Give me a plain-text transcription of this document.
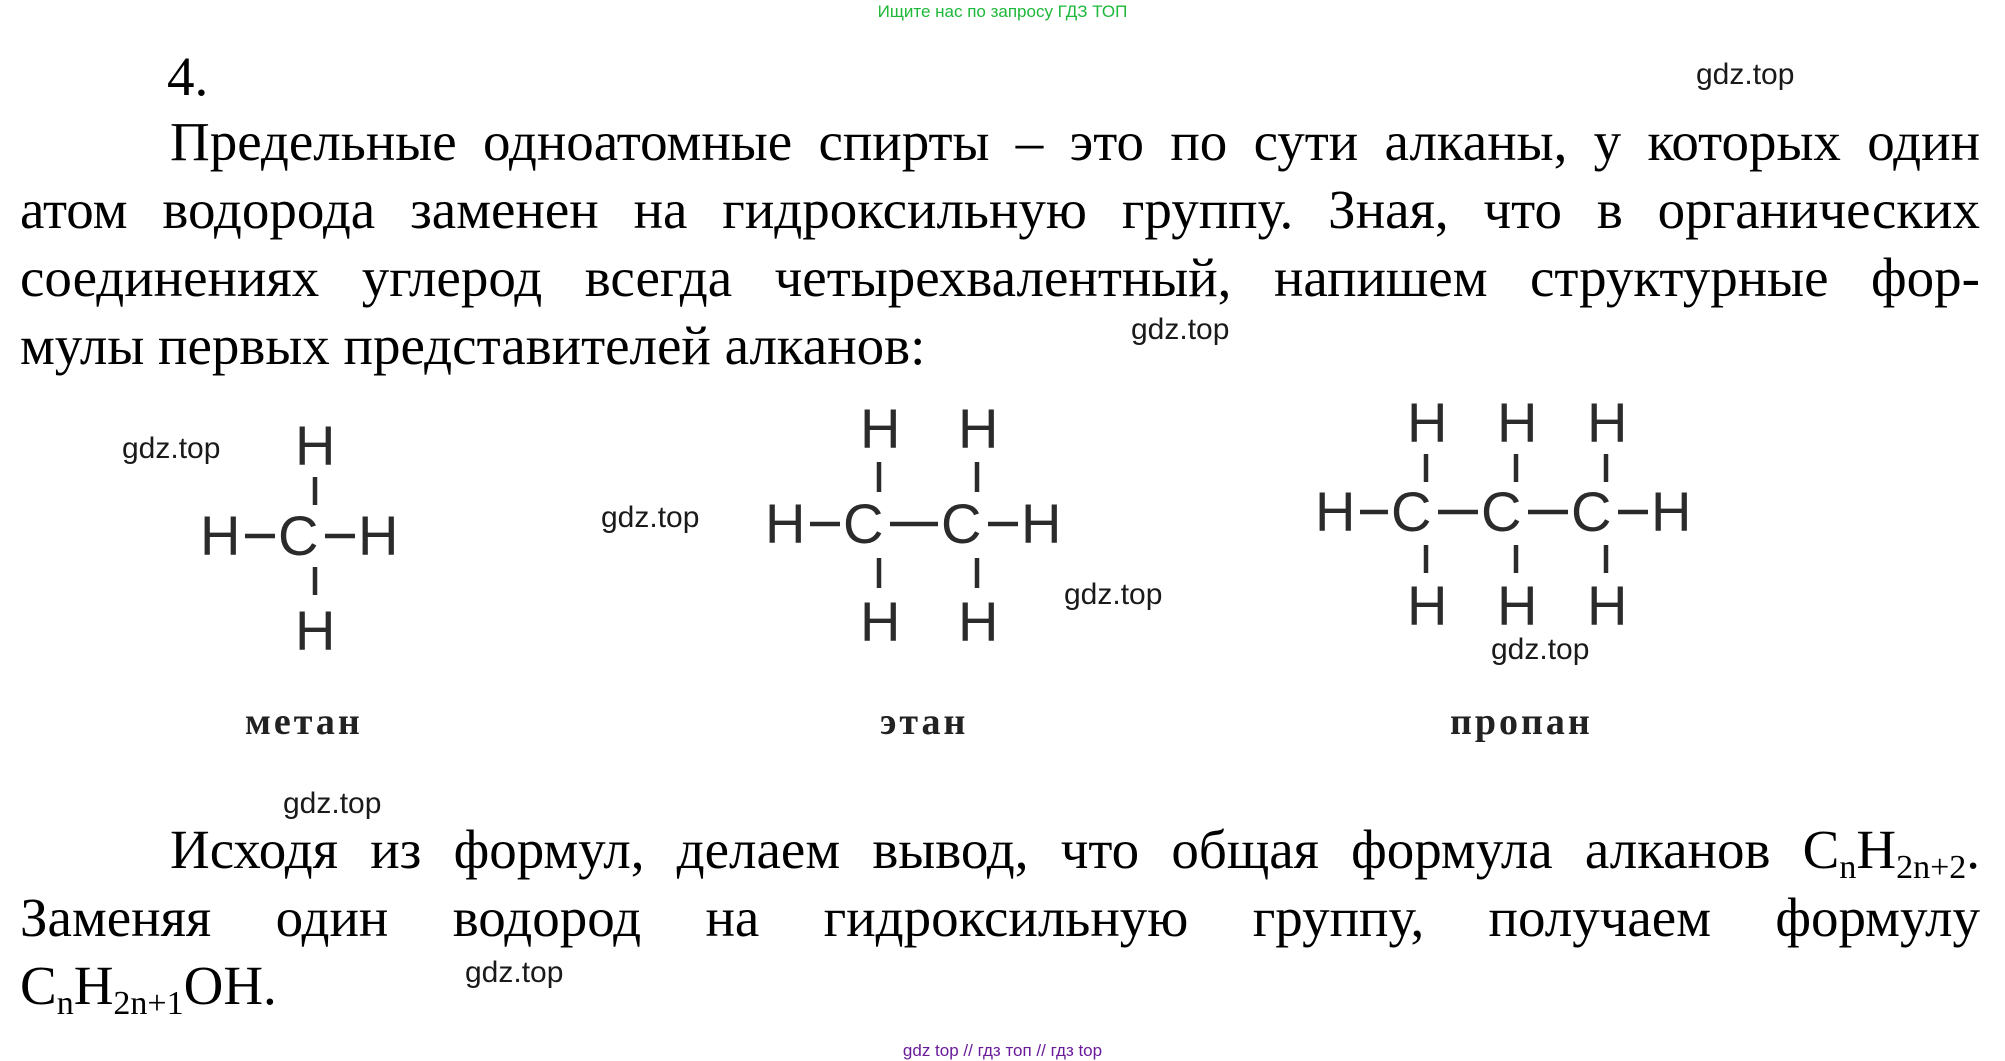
Ищите нас по запросу ГДЗ ТОП
4.
Предельные одноатомные спирты – это по сути алканы, у которых один
атом водорода заменен на гидроксильную группу. Зная, что в органических
соединениях углерод всегда четырехвалентный, напишем структурные фор-
мулы первых представителей алканов:
H
H C H
H
метан
H H
H C C H
H H
этан
H H H
H C C C H
H H H
пропан
Исходя из формул, делаем вывод, что общая формула алканов $C_nH_{2n+2}$.
Заменяя один водород на гидроксильную группу, получаем формулу
$C_nH_{2n+1}OH$.
gdz.top
gdz.top
gdz.top
gdz.top
gdz.top
gdz.top
gdz.top
gdz.top
gdz top // гдз топ // гдз top
